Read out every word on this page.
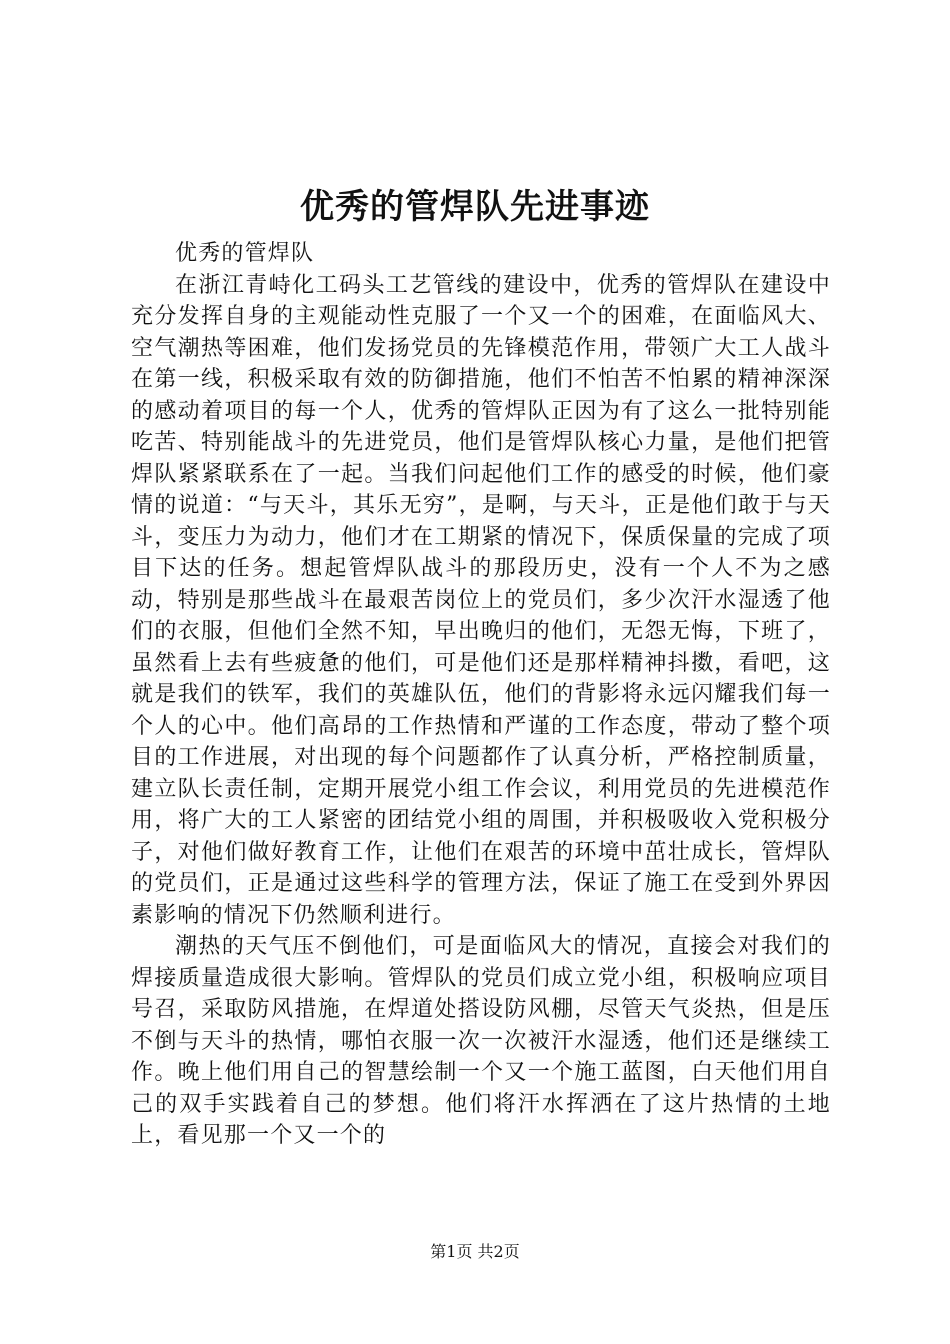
优秀的管焊队先进事迹

优秀的管焊队

在浙江青峙化工码头工艺管线的建设中，优秀的管焊队在建设中充分发挥自身的主观能动性克服了一个又一个的困难，在面临风大、空气潮热等困难，他们发扬党员的先锋模范作用，带领广大工人战斗在第一线，积极采取有效的防御措施，他们不怕苦不怕累的精神深深的感动着项目的每一个人，优秀的管焊队正因为有了这么一批特别能吃苦、特别能战斗的先进党员，他们是管焊队核心力量，是他们把管焊队紧紧联系在了一起。当我们问起他们工作的感受的时候，他们豪情的说道：“与天斗，其乐无穷”，是啊，与天斗，正是他们敢于与天斗，变压力为动力，他们才在工期紧的情况下，保质保量的完成了项目下达的任务。想起管焊队战斗的那段历史，没有一个人不为之感动，特别是那些战斗在最艰苦岗位上的党员们，多少次汗水湿透了他们的衣服，但他们全然不知，早出晚归的他们，无怨无悔，下班了，虽然看上去有些疲惫的他们，可是他们还是那样精神抖擞，看吧，这就是我们的铁军，我们的英雄队伍，他们的背影将永远闪耀我们每一个人的心中。他们高昂的工作热情和严谨的工作态度，带动了整个项目的工作进展，对出现的每个问题都作了认真分析，严格控制质量，建立队长责任制，定期开展党小组工作会议，利用党员的先进模范作用，将广大的工人紧密的团结党小组的周围，并积极吸收入党积极分子，对他们做好教育工作，让他们在艰苦的环境中茁壮成长，管焊队的党员们，正是通过这些科学的管理方法，保证了施工在受到外界因素影响的情况下仍然顺利进行。

潮热的天气压不倒他们，可是面临风大的情况，直接会对我们的焊接质量造成很大影响。管焊队的党员们成立党小组，积极响应项目号召，采取防风措施，在焊道处搭设防风棚，尽管天气炎热，但是压不倒与天斗的热情，哪怕衣服一次一次被汗水湿透，他们还是继续工作。晚上他们用自己的智慧绘制一个又一个施工蓝图，白天他们用自己的双手实践着自己的梦想。他们将汗水挥洒在了这片热情的土地上，看见那一个又一个的

第1页 共2页
